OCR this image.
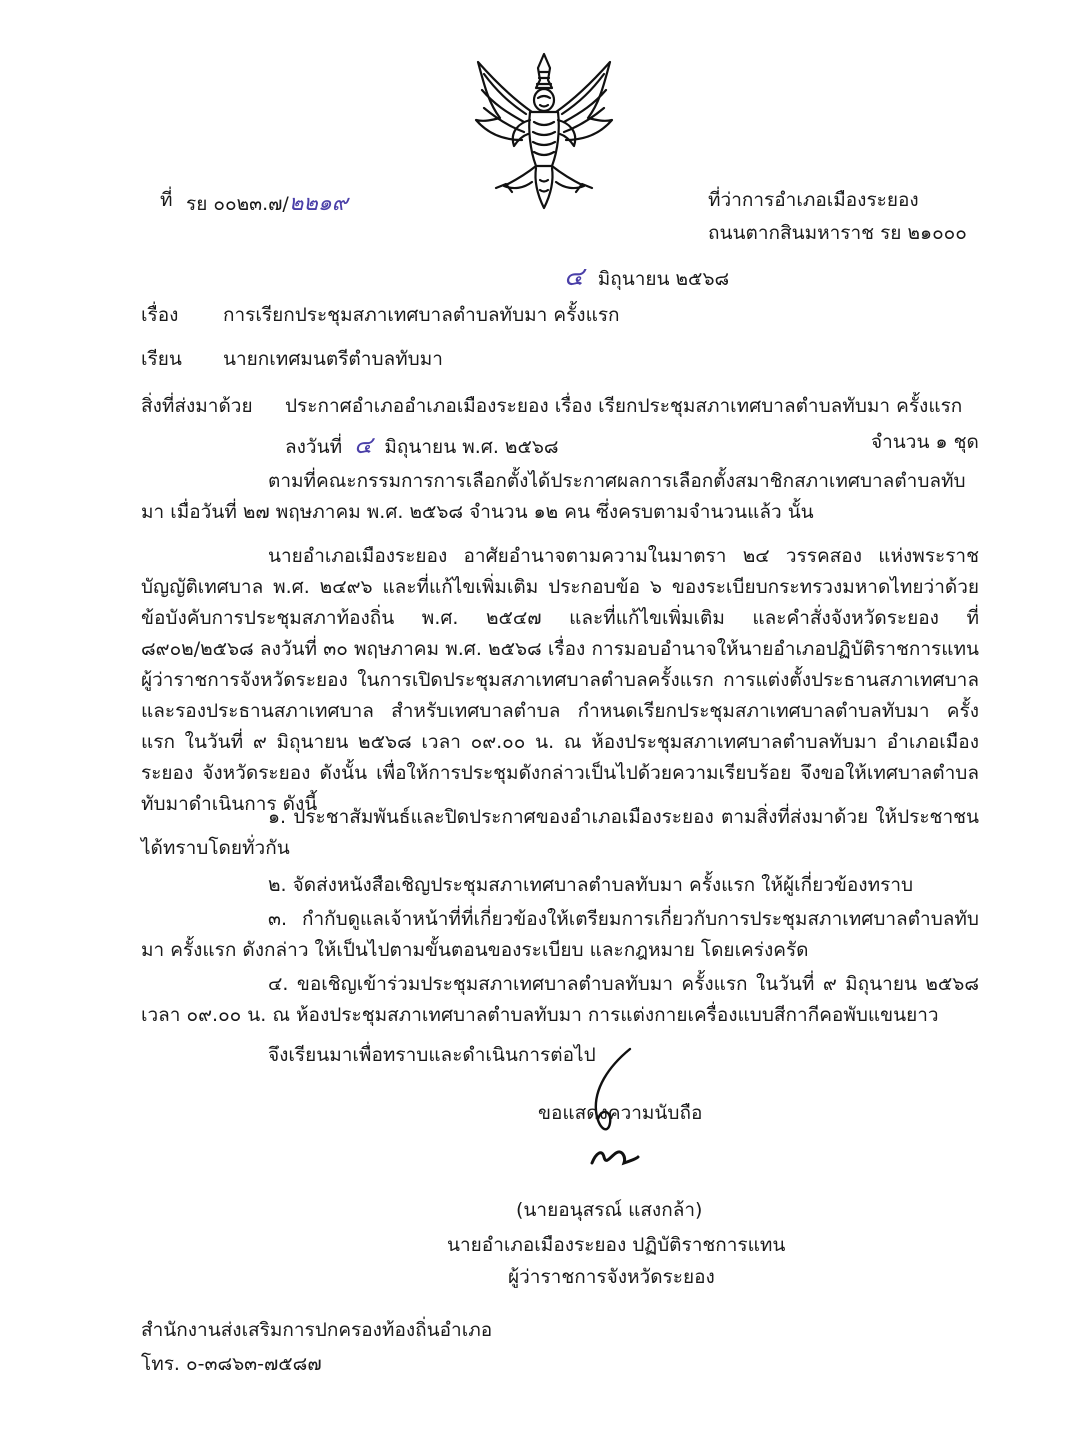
ที่ รย ๐๐๒๓.๗/๒๒๑๙	ที่ว่าการอำเภอเมืองระยอง
ถนนตากสินมหาราช รย ๒๑๐๐๐
๔ มิถุนายน ๒๕๖๘
เรื่อง การเรียกประชุมสภาเทศบาลตำบลทับมา ครั้งแรก
เรียน นายกเทศมนตรีตำบลทับมา
สิ่งที่ส่งมาด้วย ประกาศอำเภออำเภอเมืองระยอง เรื่อง เรียกประชุมสภาเทศบาลตำบลทับมา ครั้งแรก
ลงวันที่ ๔ มิถุนายน พ.ศ. ๒๕๖๘	จำนวน ๑ ชุด
ตามที่คณะกรรมการการเลือกตั้งได้ประกาศผลการเลือกตั้งสมาชิกสภาเทศบาลตำบลทับมา เมื่อวันที่ ๒๗ พฤษภาคม พ.ศ. ๒๕๖๘ จำนวน ๑๒ คน ซึ่งครบตามจำนวนแล้ว นั้น
นายอำเภอเมืองระยอง อาศัยอำนาจตามความในมาตรา ๒๔ วรรคสอง แห่งพระราชบัญญัติเทศบาล พ.ศ. ๒๔๙๖ และที่แก้ไขเพิ่มเติม ประกอบข้อ ๖ ของระเบียบกระทรวงมหาดไทยว่าด้วยข้อบังคับการประชุมสภาท้องถิ่น พ.ศ. ๒๕๔๗ และที่แก้ไขเพิ่มเติม และคำสั่งจังหวัดระยอง ที่ ๘๙๐๒/๒๕๖๘ ลงวันที่ ๓๐ พฤษภาคม พ.ศ. ๒๕๖๘ เรื่อง การมอบอำนาจให้นายอำเภอปฏิบัติราชการแทนผู้ว่าราชการจังหวัดระยอง ในการเปิดประชุมสภาเทศบาลตำบลครั้งแรก การแต่งตั้งประธานสภาเทศบาล และรองประธานสภาเทศบาล สำหรับเทศบาลตำบล กำหนดเรียกประชุมสภาเทศบาลตำบลทับมา ครั้งแรก ในวันที่ ๙ มิถุนายน ๒๕๖๘ เวลา ๐๙.๐๐ น. ณ ห้องประชุมสภาเทศบาลตำบลทับมา อำเภอเมืองระยอง จังหวัดระยอง ดังนั้น เพื่อให้การประชุมดังกล่าวเป็นไปด้วยความเรียบร้อย จึงขอให้เทศบาลตำบลทับมาดำเนินการ ดังนี้
๑. ประชาสัมพันธ์และปิดประกาศของอำเภอเมืองระยอง ตามสิ่งที่ส่งมาด้วย ให้ประชาชนได้ทราบโดยทั่วกัน
๒. จัดส่งหนังสือเชิญประชุมสภาเทศบาลตำบลทับมา ครั้งแรก ให้ผู้เกี่ยวข้องทราบ
๓. กำกับดูแลเจ้าหน้าที่ที่เกี่ยวข้องให้เตรียมการเกี่ยวกับการประชุมสภาเทศบาลตำบลทับมา ครั้งแรก ดังกล่าว ให้เป็นไปตามขั้นตอนของระเบียบ และกฎหมาย โดยเคร่งครัด
๔. ขอเชิญเข้าร่วมประชุมสภาเทศบาลตำบลทับมา ครั้งแรก ในวันที่ ๙ มิถุนายน ๒๕๖๘ เวลา ๐๙.๐๐ น. ณ ห้องประชุมสภาเทศบาลตำบลทับมา การแต่งกายเครื่องแบบสีกากีคอพับแขนยาว
จึงเรียนมาเพื่อทราบและดำเนินการต่อไป
ขอแสดงความนับถือ
(นายอนุสรณ์ แสงกล้า)
นายอำเภอเมืองระยอง ปฏิบัติราชการแทน
ผู้ว่าราชการจังหวัดระยอง
สำนักงานส่งเสริมการปกครองท้องถิ่นอำเภอ
โทร. ๐-๓๘๖๓-๗๕๘๗
